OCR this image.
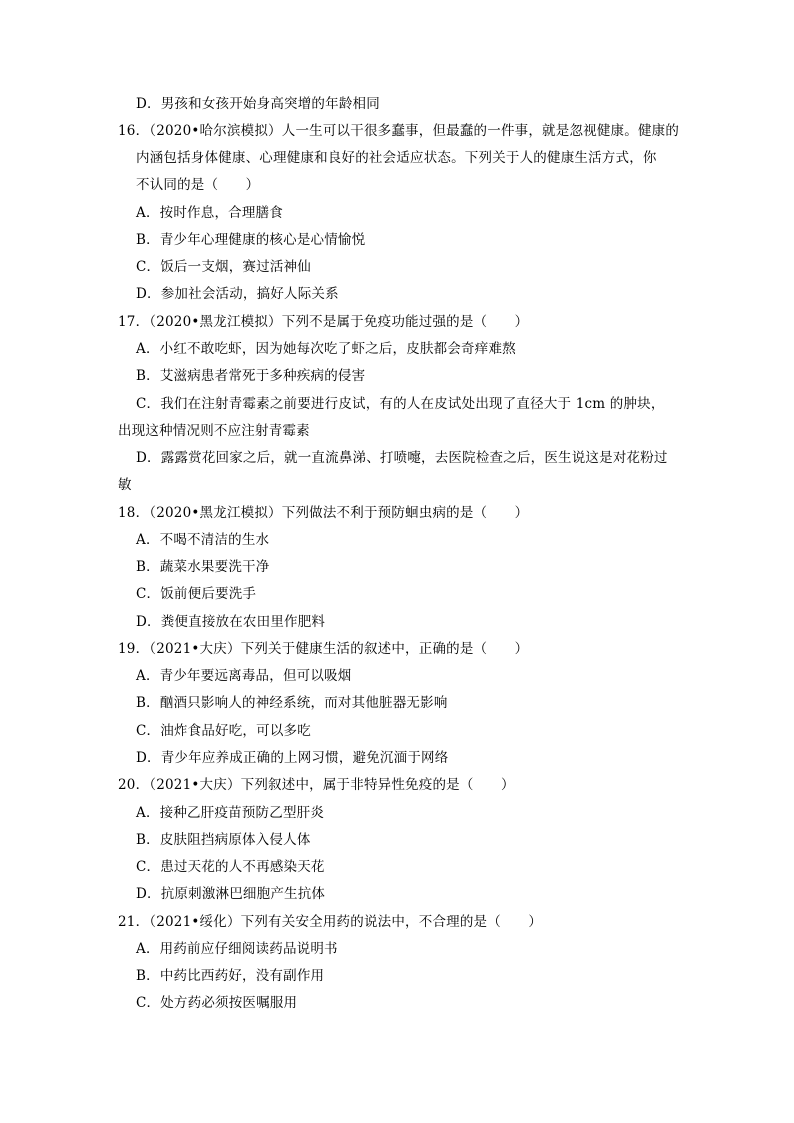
D．男孩和女孩开始身高突增的年龄相同
16．（2020•哈尔滨模拟）人一生可以干很多蠢事，但最蠢的一件事，就是忽视健康。健康的
内涵包括身体健康、心理健康和良好的社会适应状态。下列关于人的健康生活方式，你
不认同的是（　　）
A．按时作息，合理膳食
B．青少年心理健康的核心是心情愉悦
C．饭后一支烟，赛过活神仙
D．参加社会活动，搞好人际关系
17．（2020•黑龙江模拟）下列不是属于免疫功能过强的是（　　）
A．小红不敢吃虾，因为她每次吃了虾之后，皮肤都会奇痒难熬
B．艾滋病患者常死于多种疾病的侵害
C．我们在注射青霉素之前要进行皮试，有的人在皮试处出现了直径大于 1cm 的肿块，
出现这种情况则不应注射青霉素
D．露露赏花回家之后，就一直流鼻涕、打喷嚏，去医院检查之后，医生说这是对花粉过
敏
18．（2020•黑龙江模拟）下列做法不利于预防蛔虫病的是（　　）
A．不喝不清洁的生水
B．蔬菜水果要洗干净
C．饭前便后要洗手
D．粪便直接放在农田里作肥料
19．（2021•大庆）下列关于健康生活的叙述中，正确的是（　　）
A．青少年要远离毒品，但可以吸烟
B．酗酒只影响人的神经系统，而对其他脏器无影响
C．油炸食品好吃，可以多吃
D．青少年应养成正确的上网习惯，避免沉湎于网络
20．（2021•大庆）下列叙述中，属于非特异性免疫的是（　　）
A．接种乙肝疫苗预防乙型肝炎
B．皮肤阻挡病原体入侵人体
C．患过天花的人不再感染天花
D．抗原刺激淋巴细胞产生抗体
21．（2021•绥化）下列有关安全用药的说法中，不合理的是（　　）
A．用药前应仔细阅读药品说明书
B．中药比西药好，没有副作用
C．处方药必须按医嘱服用
